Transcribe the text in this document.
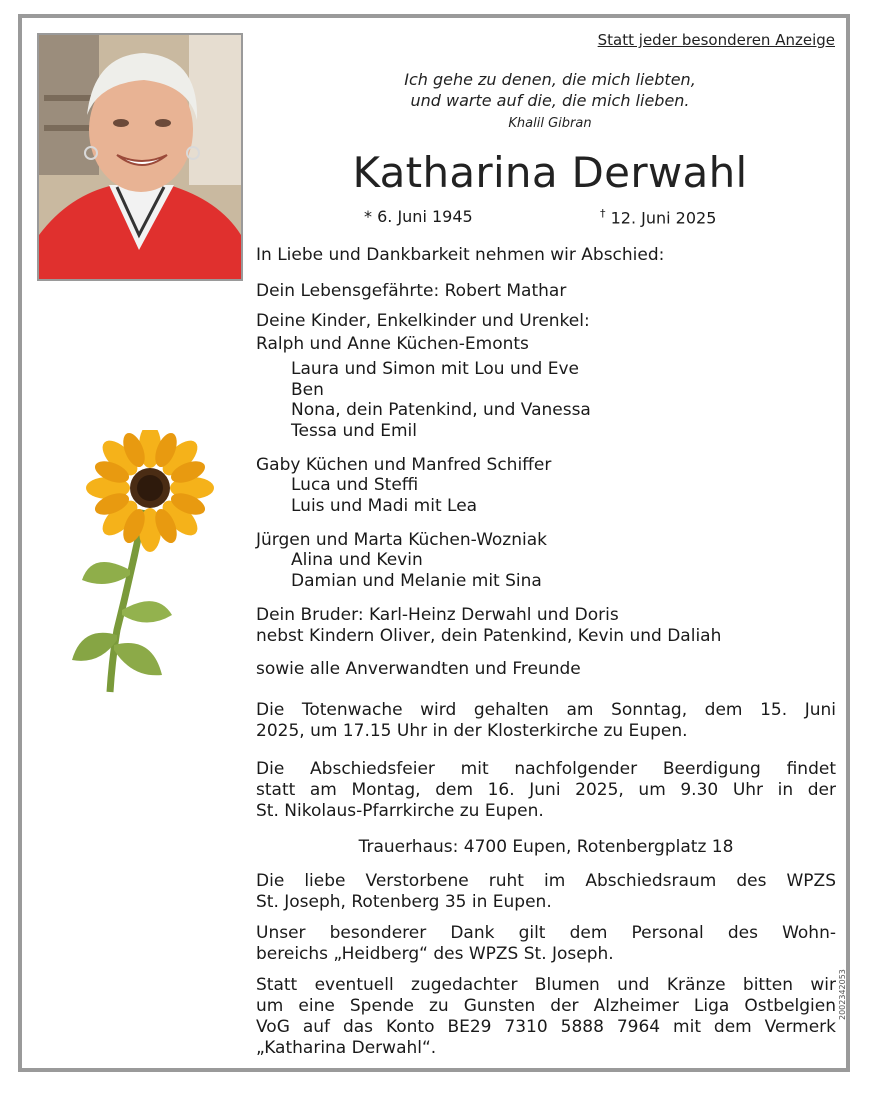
Statt jeder besonderen Anzeige
Ich gehe zu denen, die mich liebten,
und warte auf die, die mich lieben.
Khalil Gibran
Katharina Derwahl
* 6. Juni 1945	† 12. Juni 2025
In Liebe und Dankbarkeit nehmen wir Abschied:
Dein Lebensgefährte: Robert Mathar
Deine Kinder, Enkelkinder und Urenkel:
Ralph und Anne Küchen-Emonts
Laura und Simon mit Lou und Eve
Ben
Nona, dein Patenkind, und Vanessa
Tessa und Emil
Gaby Küchen und Manfred Schiffer
Luca und Steffi
Luis und Madi mit Lea
Jürgen und Marta Küchen-Wozniak
Alina und Kevin
Damian und Melanie mit Sina
Dein Bruder: Karl-Heinz Derwahl und Doris
nebst Kindern Oliver, dein Patenkind, Kevin und Daliah
sowie alle Anverwandten und Freunde
Die Totenwache wird gehalten am Sonntag, dem 15. Juni
2025, um 17.15 Uhr in der Klosterkirche zu Eupen.
Die Abschiedsfeier mit nachfolgender Beerdigung findet
statt am Montag, dem 16. Juni 2025, um 9.30 Uhr in der
St. Nikolaus-Pfarrkirche zu Eupen.
Trauerhaus: 4700 Eupen, Rotenbergplatz 18
Die liebe Verstorbene ruht im Abschiedsraum des WPZS
St. Joseph, Rotenberg 35 in Eupen.
Unser besonderer Dank gilt dem Personal des Wohn-
bereichs „Heidberg“ des WPZS St. Joseph.
Statt eventuell zugedachter Blumen und Kränze bitten wir
um eine Spende zu Gunsten der Alzheimer Liga Ostbelgien
VoG auf das Konto BE29 7310 5888 7964 mit dem Vermerk
„Katharina Derwahl“.
2002342053
